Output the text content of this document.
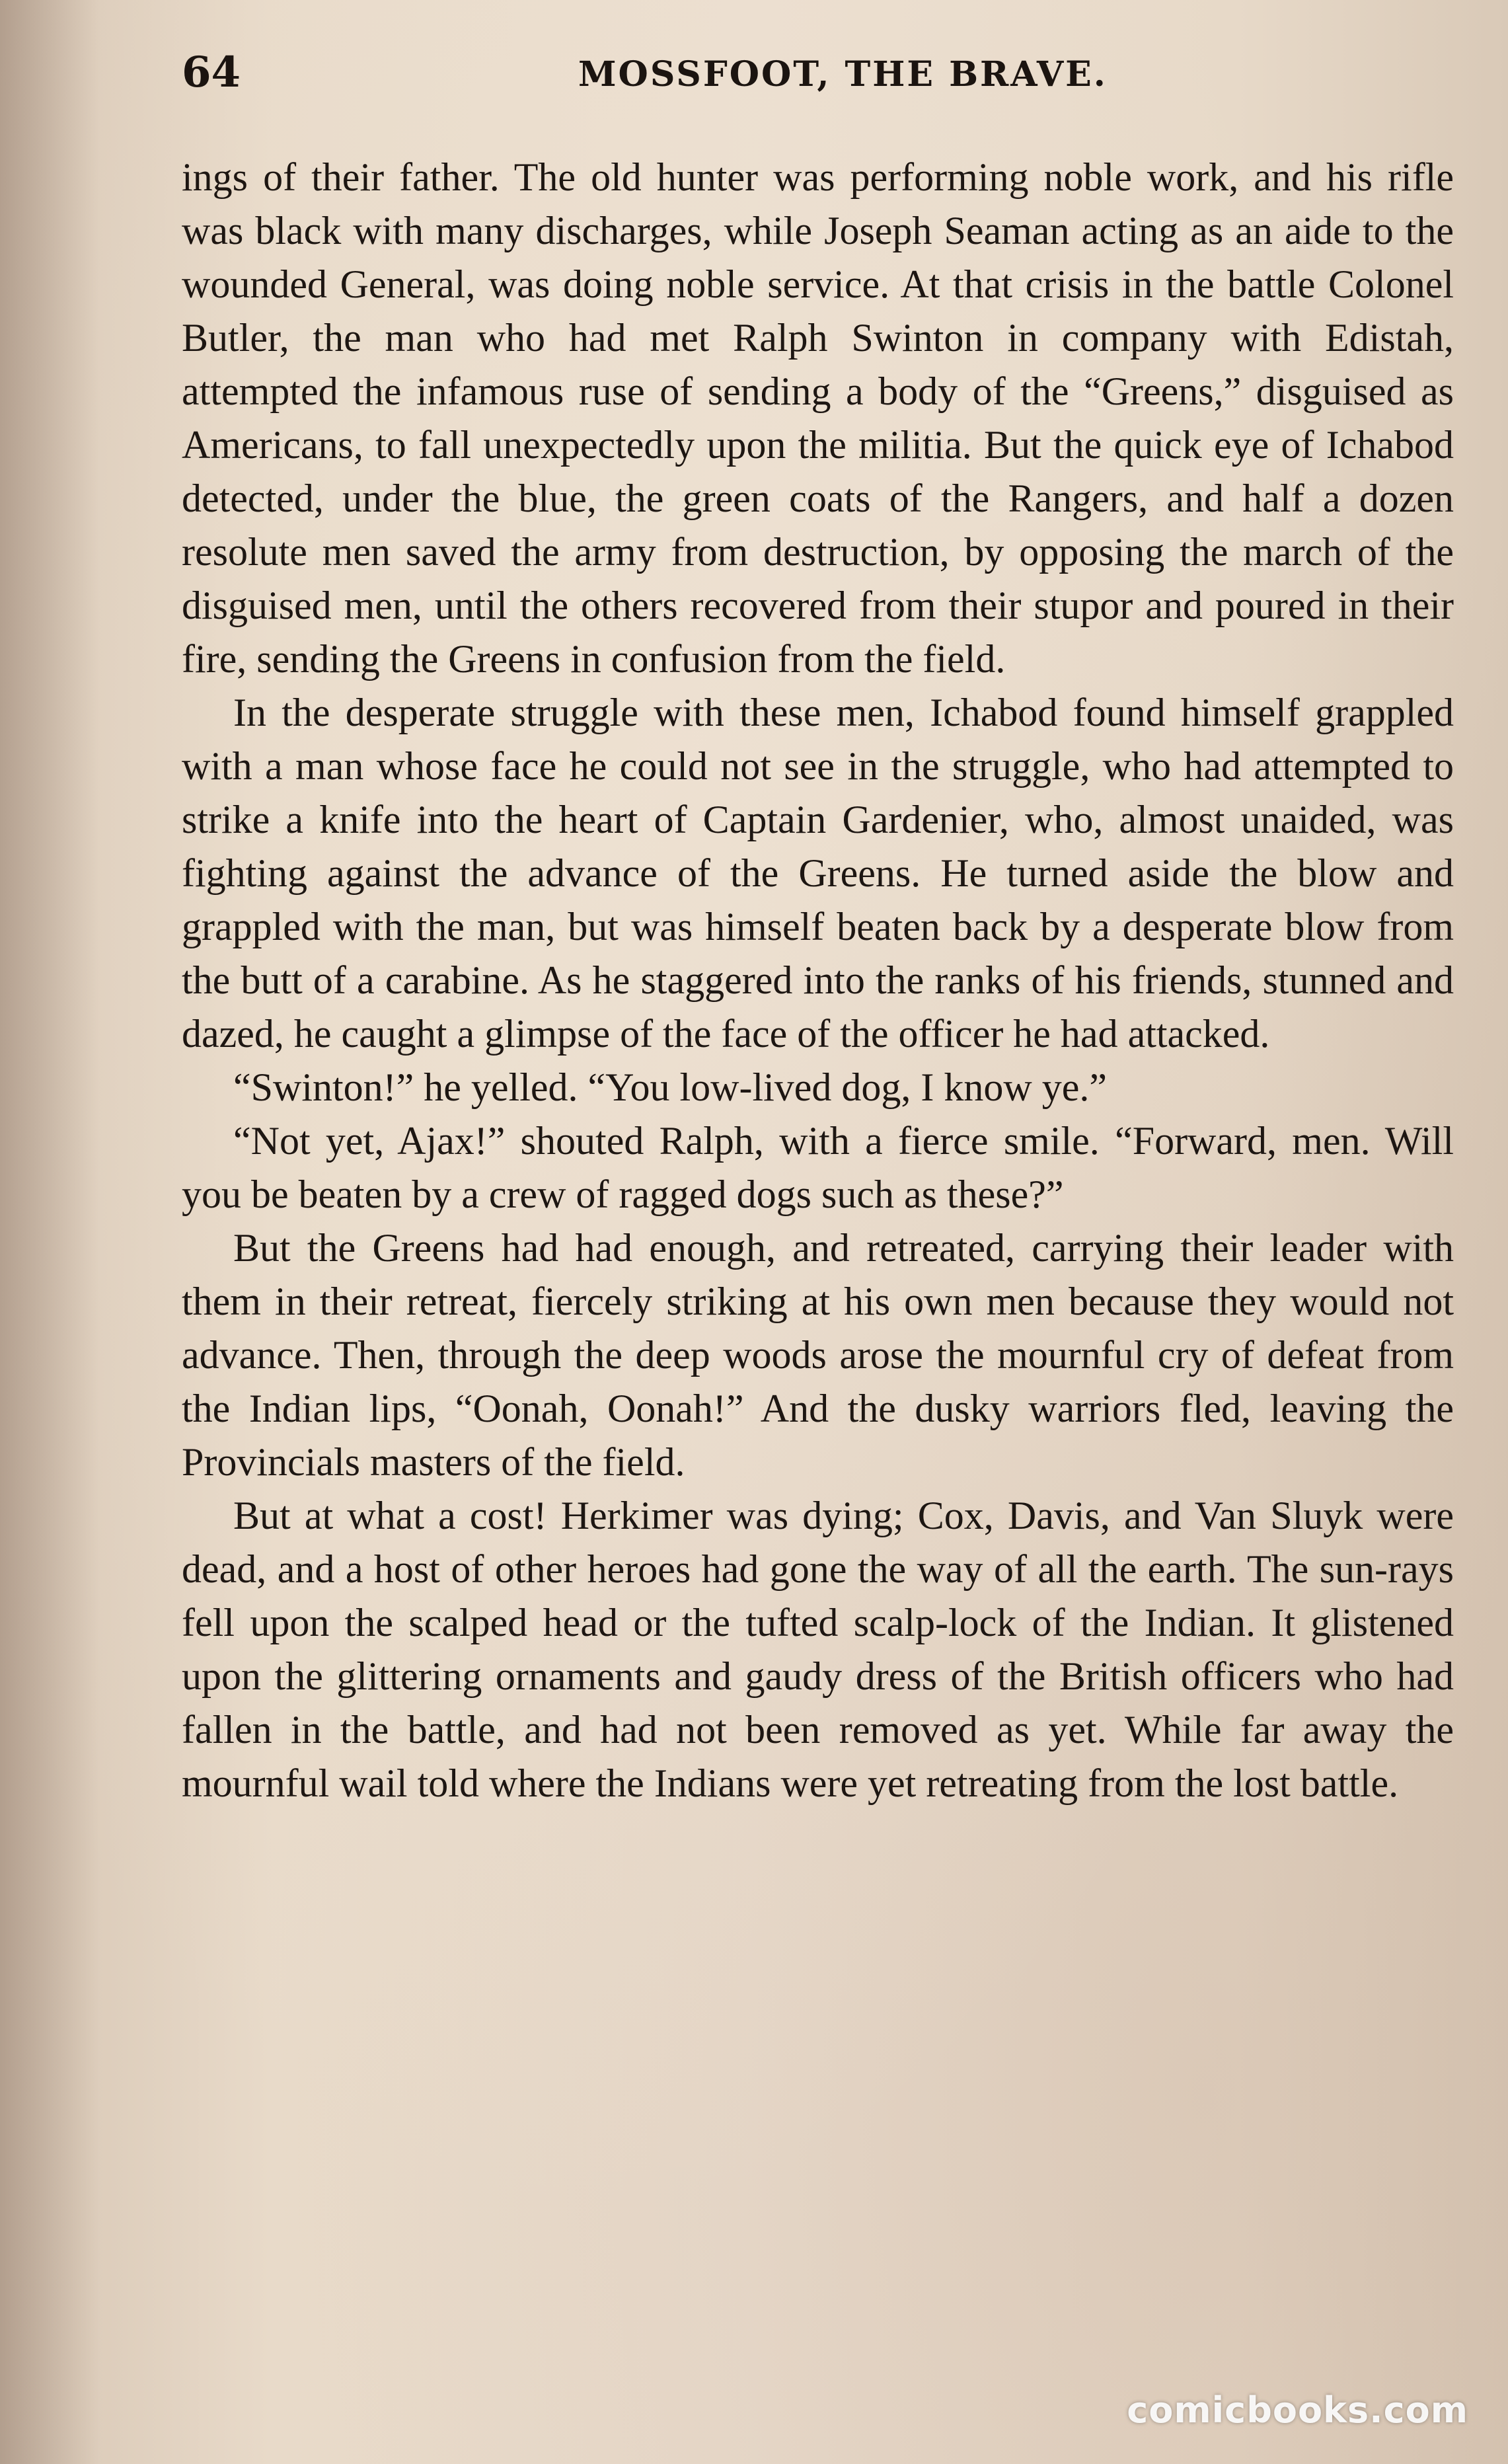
64	MOSSFOOT, THE BRAVE.

ings of their father. The old hunter was performing noble work, and his rifle was black with many discharges, while Joseph Seaman acting as an aide to the wounded General, was doing noble service. At that crisis in the battle Colonel Butler, the man who had met Ralph Swinton in company with Edistah, attempted the infamous ruse of sending a body of the “Greens,” disguised as Americans, to fall unexpectedly upon the militia. But the quick eye of Ichabod detected, under the blue, the green coats of the Rangers, and half a dozen resolute men saved the army from destruction, by opposing the march of the disguised men, until the others recovered from their stupor and poured in their fire, sending the Greens in confusion from the field.

In the desperate struggle with these men, Ichabod found himself grappled with a man whose face he could not see in the struggle, who had attempted to strike a knife into the heart of Captain Gardenier, who, almost unaided, was fighting against the advance of the Greens. He turned aside the blow and grappled with the man, but was himself beaten back by a desperate blow from the butt of a carabine. As he staggered into the ranks of his friends, stunned and dazed, he caught a glimpse of the face of the officer he had attacked.

“Swinton!” he yelled. “You low-lived dog, I know ye.”

“Not yet, Ajax!” shouted Ralph, with a fierce smile. “Forward, men. Will you be beaten by a crew of ragged dogs such as these?”

But the Greens had had enough, and retreated, carrying their leader with them in their retreat, fiercely striking at his own men because they would not advance. Then, through the deep woods arose the mournful cry of defeat from the Indian lips, “Oonah, Oonah!” And the dusky warriors fled, leaving the Provincials masters of the field.

But at what a cost! Herkimer was dying; Cox, Davis, and Van Sluyk were dead, and a host of other heroes had gone the way of all the earth. The sun-rays fell upon the scalped head or the tufted scalp-lock of the Indian. It glistened upon the glittering ornaments and gaudy dress of the British officers who had fallen in the battle, and had not been removed as yet. While far away the mournful wail told where the Indians were yet retreating from the lost battle.

comicbooks.com
